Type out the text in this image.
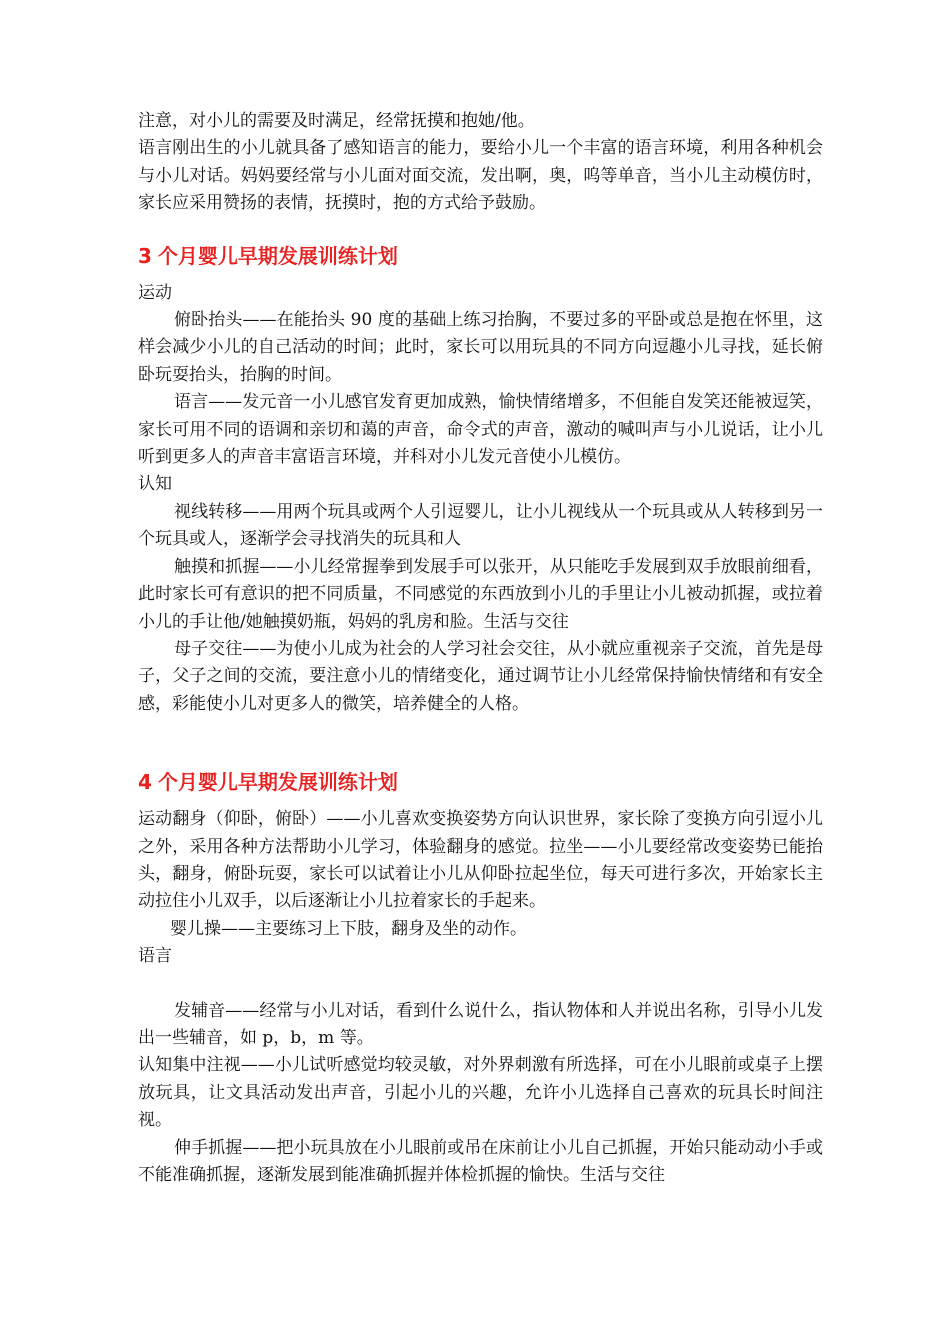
注意，对小儿的需要及时满足，经常抚摸和抱她/他。

语言刚出生的小儿就具备了感知语言的能力，要给小儿一个丰富的语言环境，利用各种机会与小儿对话。妈妈要经常与小儿面对面交流，发出啊，奥，呜等单音，当小儿主动模仿时，家长应采用赞扬的表情，抚摸时，抱的方式给予鼓励。

3 个月婴儿早期发展训练计划

运动

俯卧抬头——在能抬头 90 度的基础上练习抬胸，不要过多的平卧或总是抱在怀里，这样会减少小儿的自己活动的时间；此时，家长可以用玩具的不同方向逗趣小儿寻找，延长俯卧玩耍抬头，抬胸的时间。

语言——发元音一小儿感官发育更加成熟，愉快情绪增多，不但能自发笑还能被逗笑，家长可用不同的语调和亲切和蔼的声音，命令式的声音，激动的喊叫声与小儿说话，让小儿听到更多人的声音丰富语言环境，并科对小儿发元音使小儿模仿。

认知

视线转移——用两个玩具或两个人引逗婴儿，让小儿视线从一个玩具或从人转移到另一个玩具或人，逐渐学会寻找消失的玩具和人

触摸和抓握——小儿经常握拳到发展手可以张开，从只能吃手发展到双手放眼前细看，此时家长可有意识的把不同质量，不同感觉的东西放到小儿的手里让小儿被动抓握，或拉着小儿的手让他/她触摸奶瓶，妈妈的乳房和脸。生活与交往

母子交往——为使小儿成为社会的人学习社会交往，从小就应重视亲子交流，首先是母子，父子之间的交流，要注意小儿的情绪变化，通过调节让小儿经常保持愉快情绪和有安全感，彩能使小儿对更多人的微笑，培养健全的人格。

4 个月婴儿早期发展训练计划

运动翻身（仰卧，俯卧）——小儿喜欢变换姿势方向认识世界，家长除了变换方向引逗小儿之外，采用各种方法帮助小儿学习，体验翻身的感觉。拉坐——小儿要经常改变姿势已能抬头，翻身，俯卧玩耍，家长可以试着让小儿从仰卧拉起坐位，每天可进行多次，开始家长主动拉住小儿双手，以后逐渐让小儿拉着家长的手起来。

婴儿操——主要练习上下肢，翻身及坐的动作。

语言

发辅音——经常与小儿对话，看到什么说什么，指认物体和人并说出名称，引导小儿发出一些辅音，如 p，b，m 等。

认知集中注视——小儿试听感觉均较灵敏，对外界刺激有所选择，可在小儿眼前或桌子上摆放玩具，让文具活动发出声音，引起小儿的兴趣，允许小儿选择自己喜欢的玩具长时间注视。

伸手抓握——把小玩具放在小儿眼前或吊在床前让小儿自己抓握，开始只能动动小手或不能准确抓握，逐渐发展到能准确抓握并体检抓握的愉快。生活与交往
